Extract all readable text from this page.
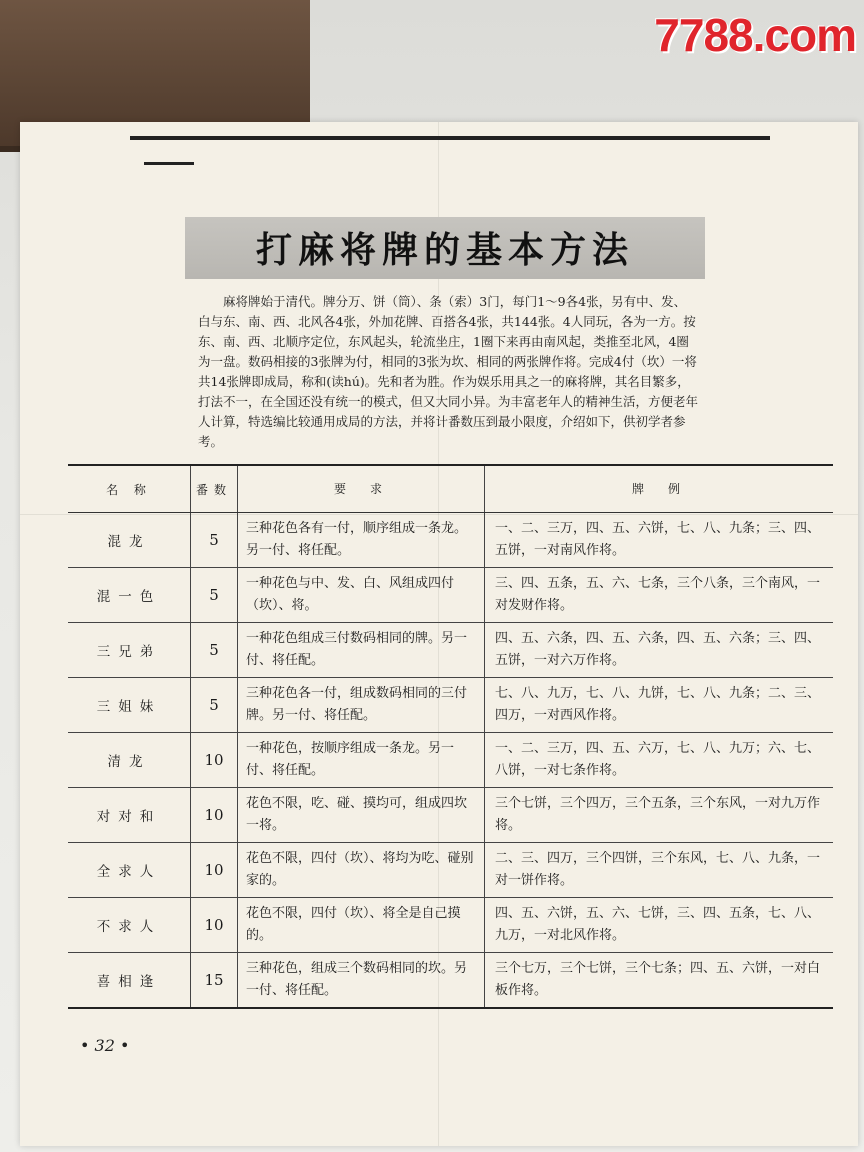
7788.com
打麻将牌的基本方法

麻将牌始于清代。牌分万、饼（筒）、条（索）3门，每门1～9各4张，另有中、发、白与东、南、西、北风各4张，外加花牌、百搭各4张，共144张。4人同玩，各为一方。按东、南、西、北顺序定位，东风起头，轮流坐庄，1圈下来再由南风起，类推至北风，4圈为一盘。数码相接的3张牌为付，相同的3张为坎、相同的两张牌作将。完成4付（坎）一将共14张牌即成局，称和(读hú)。先和者为胜。作为娱乐用具之一的麻将牌，其名目繁多，打法不一，在全国还没有统一的模式，但又大同小异。为丰富老年人的精神生活，方便老年人计算，特选编比较通用成局的方法，并将计番数压到最小限度，介绍如下，供初学者参考。

名 称	番数	要　求	牌　例
混龙	5	三种花色各有一付，顺序组成一条龙。另一付、将任配。	一、二、三万，四、五、六饼，七、八、九条；三、四、五饼，一对南风作将。
混一色	5	一种花色与中、发、白、风组成四付（坎）、将。	三、四、五条，五、六、七条，三个八条，三个南风，一对发财作将。
三兄弟	5	一种花色组成三付数码相同的牌。另一付、将任配。	四、五、六条，四、五、六条，四、五、六条；三、四、五饼，一对六万作将。
三姐妹	5	三种花色各一付，组成数码相同的三付牌。另一付、将任配。	七、八、九万，七、八、九饼，七、八、九条；二、三、四万，一对西风作将。
清龙	10	一种花色，按顺序组成一条龙。另一付、将任配。	一、二、三万，四、五、六万，七、八、九万；六、七、八饼，一对七条作将。
对对和	10	花色不限，吃、碰、摸均可，组成四坎一将。	三个七饼，三个四万，三个五条，三个东风，一对九万作将。
全求人	10	花色不限，四付（坎）、将均为吃、碰别家的。	二、三、四万，三个四饼，三个东风，七、八、九条，一对一饼作将。
不求人	10	花色不限，四付（坎）、将全是自己摸的。	四、五、六饼，五、六、七饼，三、四、五条，七、八、九万，一对北风作将。
喜相逢	15	三种花色，组成三个数码相同的坎。另一付、将任配。	三个七万，三个七饼，三个七条；四、五、六饼，一对白板作将。
• 32 •
